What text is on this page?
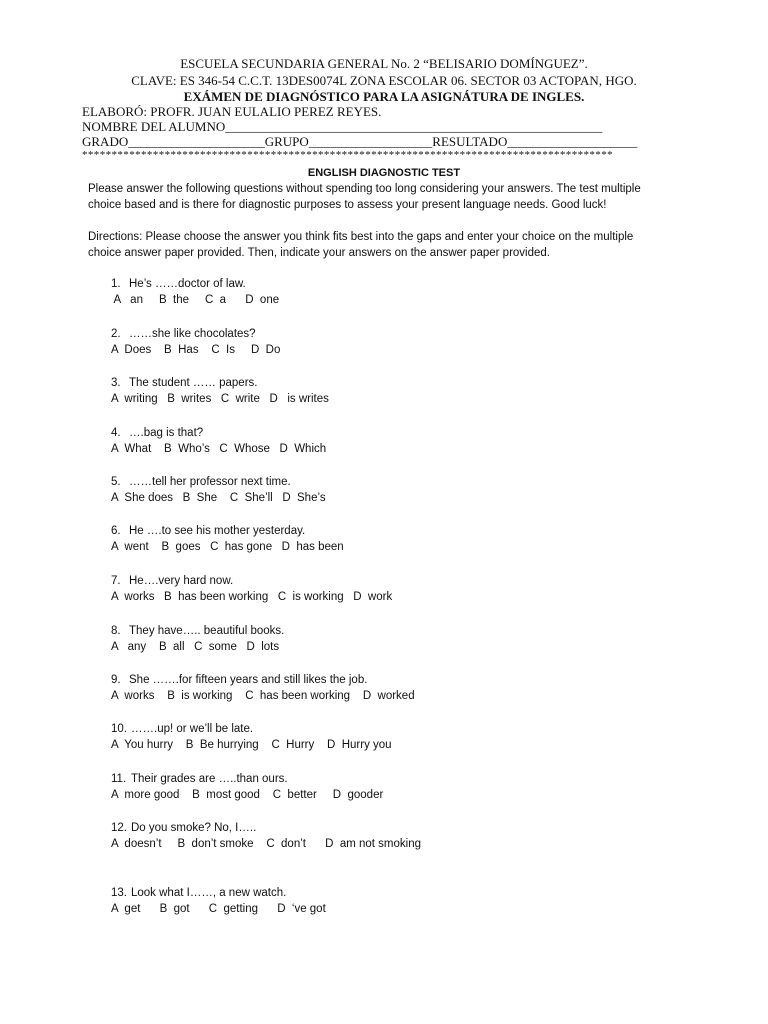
ESCUELA SECUNDARIA GENERAL No. 2 “BELISARIO DOMÍNGUEZ”.
CLAVE: ES 346-54 C.C.T. 13DES0074L ZONA ESCOLAR 06. SECTOR 03 ACTOPAN, HGO.
EXÁMEN DE DIAGNÓSTICO PARA LA ASIGNÁTURA DE INGLES.
ELABORÓ: PROFR. JUAN EULALIO PEREZ REYES.
NOMBRE DEL ALUMNO__________________________________________________________
GRADO_____________________GRUPO___________________RESULTADO____________________
******************************************************************************************
ENGLISH DIAGNOSTIC TEST
Please answer the following questions without spending too long considering your answers. The test multiple choice based and is there for diagnostic purposes to assess your present language needs. Good luck!
Directions: Please choose the answer you think fits best into the gaps and enter your choice on the multiple choice answer paper provided. Then, indicate your answers on the answer paper provided.
1. He’s ……doctor of law.
A   an     B  the     C  a      D  one
2. ……she like chocolates?
A  Does    B  Has    C  Is     D  Do
3. The student …… papers.
A  writing   B  writes   C  write   D   is writes
4. ….bag is that?
A  What    B  Who’s   C  Whose   D  Which
5. ……tell her professor next time.
A  She does   B  She    C  She’ll   D  She’s
6. He ….to see his mother yesterday.
A  went    B  goes   C  has gone   D  has been
7. He….very hard now.
A  works   B  has been working   C  is working   D  work
8. They have….. beautiful books.
A   any    B  all   C  some   D  lots
9. She …….for fifteen years and still likes the job.
A  works    B  is working    C  has been working    D  worked
10. …….up! or we’ll be late.
A  You hurry    B  Be hurrying    C  Hurry    D  Hurry you
11. Their grades are …..than ours.
A  more good    B  most good    C  better     D  gooder
12. Do you smoke? No, I…..
A  doesn’t     B  don’t smoke    C  don’t      D  am not smoking
13. Look what I……, a new watch.
A  get      B  got      C  getting      D  ‘ve got
